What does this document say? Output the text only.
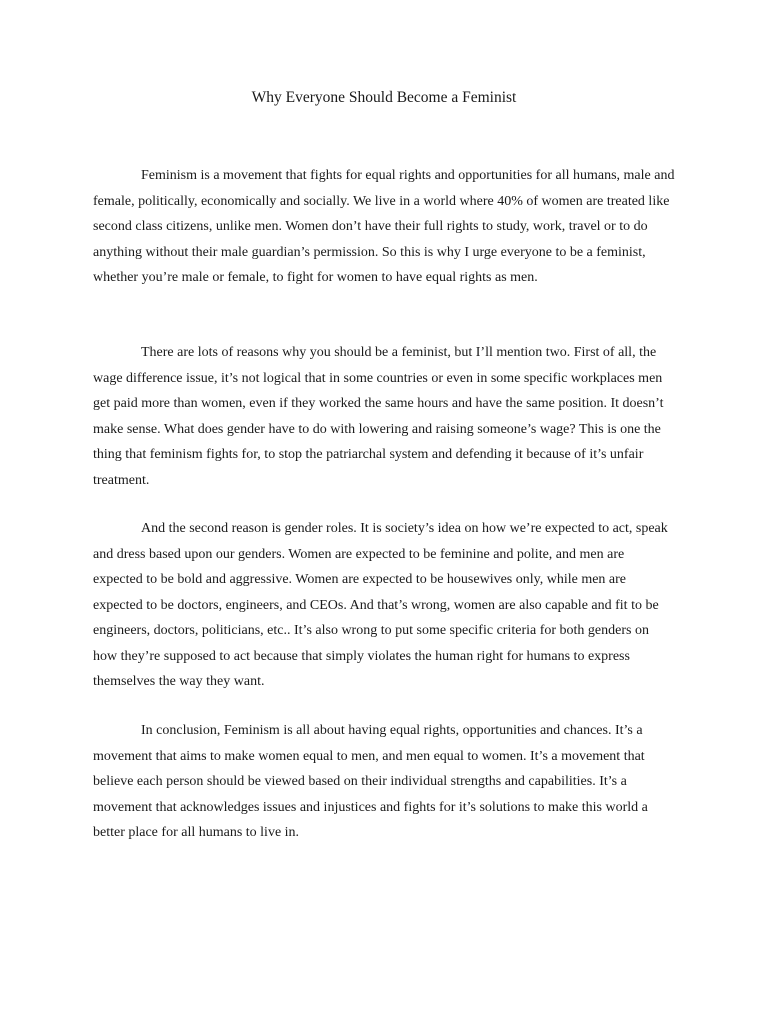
Why Everyone Should Become a Feminist

Feminism is a movement that fights for equal rights and opportunities for all humans, male and female, politically, economically and socially. We live in a world where 40% of women are treated like second class citizens, unlike men. Women don’t have their full rights to study, work, travel or to do anything without their male guardian’s permission. So this is why I urge everyone to be a feminist, whether you’re male or female, to fight for women to have equal rights as men.

There are lots of reasons why you should be a feminist, but I’ll mention two. First of all, the wage difference issue, it’s not logical that in some countries or even in some specific workplaces men get paid more than women, even if they worked the same hours and have the same position. It doesn’t make sense. What does gender have to do with lowering and raising someone’s wage? This is one the thing that feminism fights for, to stop the patriarchal system and defending it because of it’s unfair treatment.

And the second reason is gender roles. It is society’s idea on how we’re expected to act, speak and dress based upon our genders. Women are expected to be feminine and polite, and men are expected to be bold and aggressive. Women are expected to be housewives only, while men are expected to be doctors, engineers, and CEOs. And that’s wrong, women are also capable and fit to be engineers, doctors, politicians, etc.. It’s also wrong to put some specific criteria for both genders on how they’re supposed to act because that simply violates the human right for humans to express themselves the way they want.

In conclusion, Feminism is all about having equal rights, opportunities and chances. It’s a movement that aims to make women equal to men, and men equal to women. It’s a movement that believe each person should be viewed based on their individual strengths and capabilities. It’s a movement that acknowledges issues and injustices and fights for it’s solutions to make this world a better place for all humans to live in.
